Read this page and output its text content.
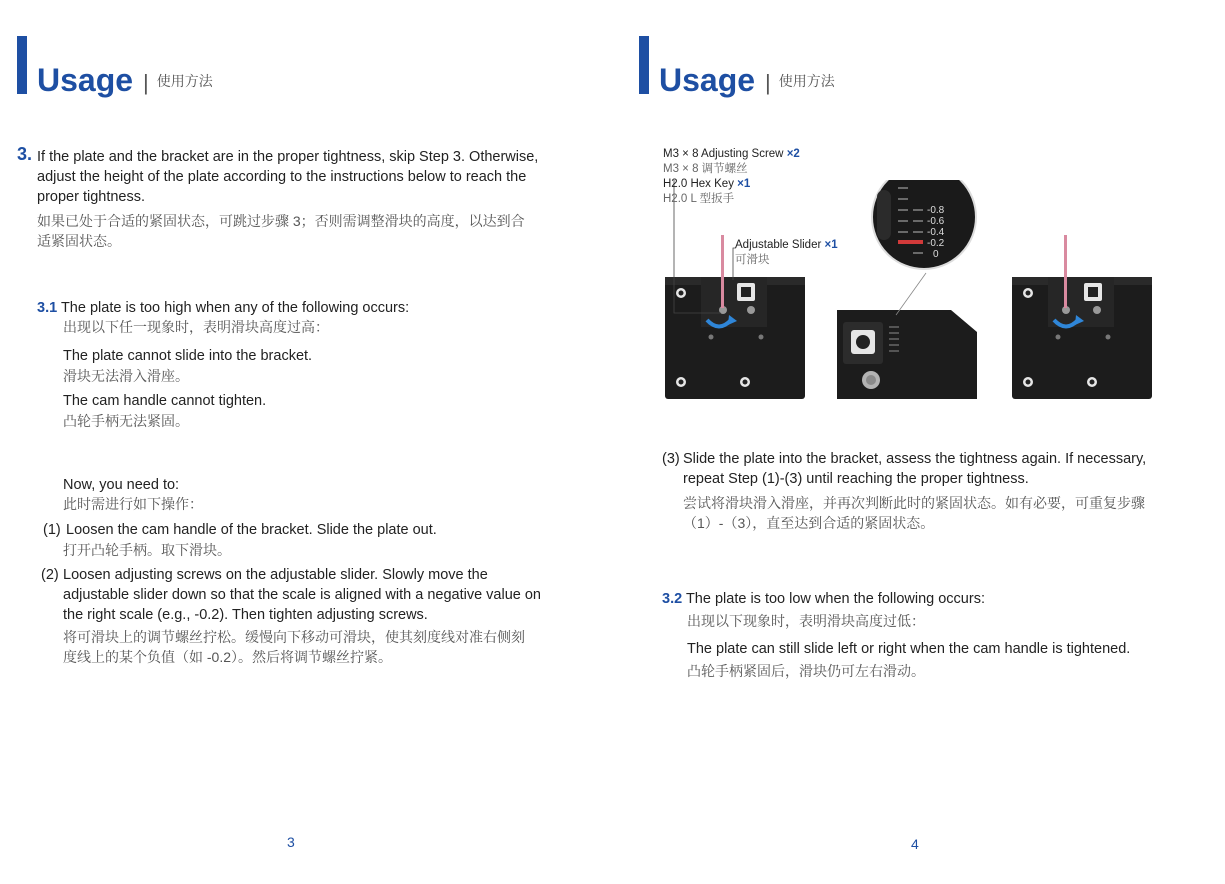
Usage | 使用方法
3. If the plate and the bracket are in the proper tightness, skip Step 3. Otherwise,
adjust the height of the plate according to the instructions below to reach the
proper tightness.
如果已处于合适的紧固状态，可跳过步骤 3；否则需调整滑块的高度，以达到合
适紧固状态。
3.1 The plate is too high when any of the following occurs:
出现以下任一现象时，表明滑块高度过高：
The plate cannot slide into the bracket.
滑块无法滑入滑座。
The cam handle cannot tighten.
凸轮手柄无法紧固。
Now, you need to:
此时需进行如下操作：
(1) Loosen the cam handle of the bracket. Slide the plate out.
打开凸轮手柄。取下滑块。
(2) Loosen adjusting screws on the adjustable slider. Slowly move the
adjustable slider down so that the scale is aligned with a negative value on
the right scale (e.g., -0.2). Then tighten adjusting screws.
将可滑块上的调节螺丝拧松。缓慢向下移动可滑块，使其刻度线对准右侧刻
度线上的某个负值（如 -0.2）。然后将调节螺丝拧紧。
3
Usage | 使用方法
-0.8
-0.6
-0.4
-0.2
0
M3 × 8 Adjusting Screw ×2
M3 × 8 调节螺丝
H2.0 Hex Key ×1
H2.0 L 型扳手
Adjustable Slider ×1
可滑块
(3) Slide the plate into the bracket, assess the tightness again. If necessary,
repeat Step (1)-(3) until reaching the proper tightness.
尝试将滑块滑入滑座，并再次判断此时的紧固状态。如有必要，可重复步骤
（1）-（3），直至达到合适的紧固状态。
3.2 The plate is too low when the following occurs:
出现以下现象时，表明滑块高度过低：
The plate can still slide left or right when the cam handle is tightened.
凸轮手柄紧固后，滑块仍可左右滑动。
4
